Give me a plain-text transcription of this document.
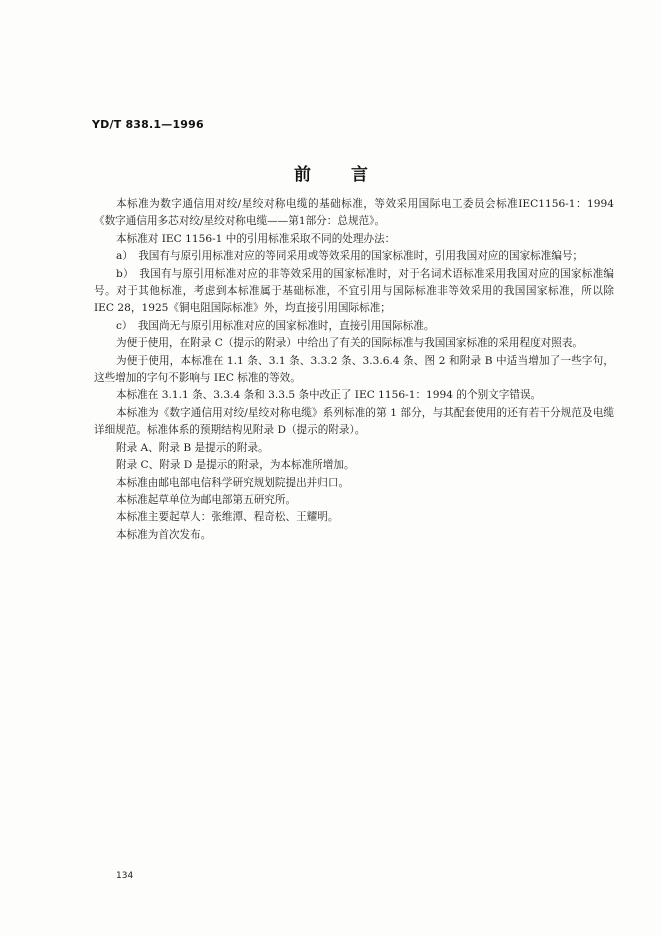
YD/T 838.1—1996
前言

本标准为数字通信用对绞/星绞对称电缆的基础标准，等效采用国际电工委员会标准IEC1156-1：1994《数字通信用多芯对绞/星绞对称电缆——第1部分：总规范》。

本标准对 IEC 1156-1 中的引用标准采取不同的处理办法：

a）　我国有与原引用标准对应的等同采用或等效采用的国家标准时，引用我国对应的国家标准编号；

b）　我国有与原引用标准对应的非等效采用的国家标准时，对于名词术语标准采用我国对应的国家标准编号。对于其他标准，考虑到本标准属于基础标准，不宜引用与国际标准非等效采用的我国国家标准，所以除 IEC 28，1925《铜电阻国际标准》外，均直接引用国际标准；

c）　我国尚无与原引用标准对应的国家标准时，直接引用国际标准。

为便于使用，在附录 C（提示的附录）中给出了有关的国际标准与我国国家标准的采用程度对照表。

为便于使用，本标准在 1.1 条、3.1 条、3.3.2 条、3.3.6.4 条、图 2 和附录 B 中适当增加了一些字句，这些增加的字句不影响与 IEC 标准的等效。

本标准在 3.1.1 条、3.3.4 条和 3.3.5 条中改正了 IEC 1156-1：1994 的个别文字错误。

本标准为《数字通信用对绞/星绞对称电缆》系列标准的第 1 部分，与其配套使用的还有若干分规范及电缆详细规范。标准体系的预期结构见附录 D（提示的附录）。

附录 A、附录 B 是提示的附录。

附录 C、附录 D 是提示的附录，为本标准所增加。

本标准由邮电部电信科学研究规划院提出并归口。

本标准起草单位为邮电部第五研究所。

本标准主要起草人：张维潭、程奇松、王耀明。

本标准为首次发布。

134
